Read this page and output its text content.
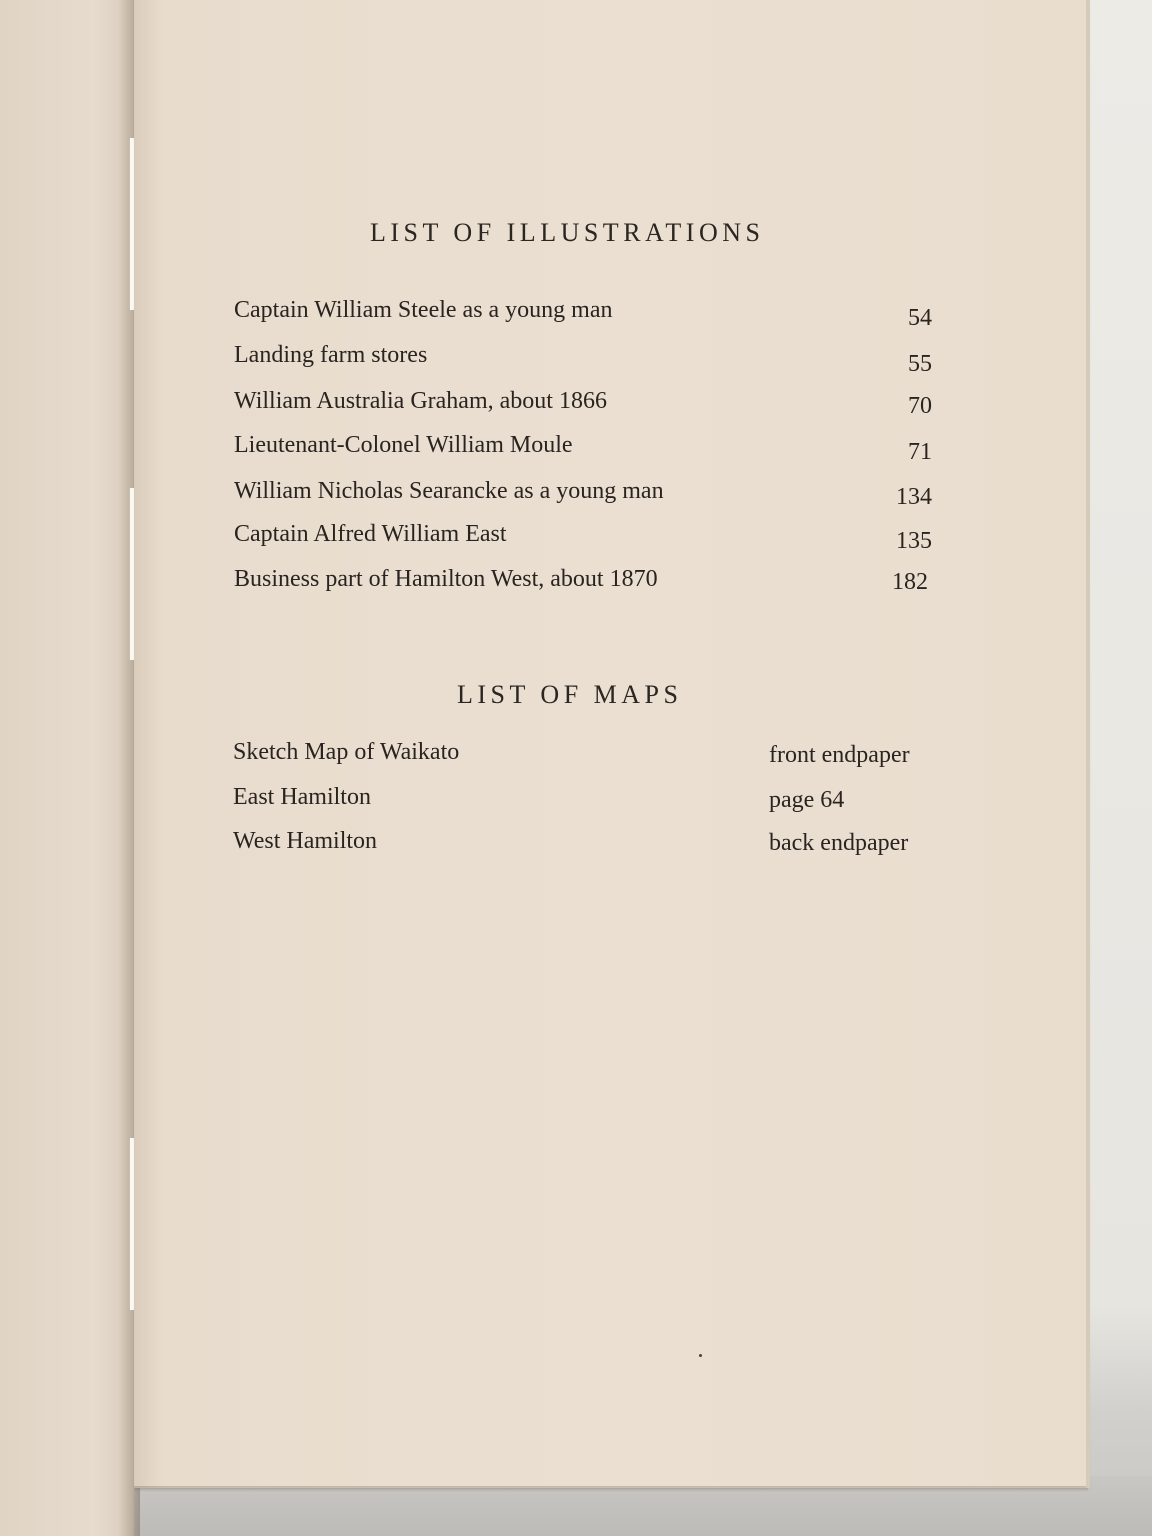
LIST OF ILLUSTRATIONS
Captain William Steele as a young man	54
Landing farm stores	55
William Australia Graham, about 1866	70
Lieutenant-Colonel William Moule	71
William Nicholas Searancke as a young man	134
Captain Alfred William East	135
Business part of Hamilton West, about 1870	182
LIST OF MAPS
Sketch Map of Waikato	front endpaper
East Hamilton	page 64
West Hamilton	back endpaper
